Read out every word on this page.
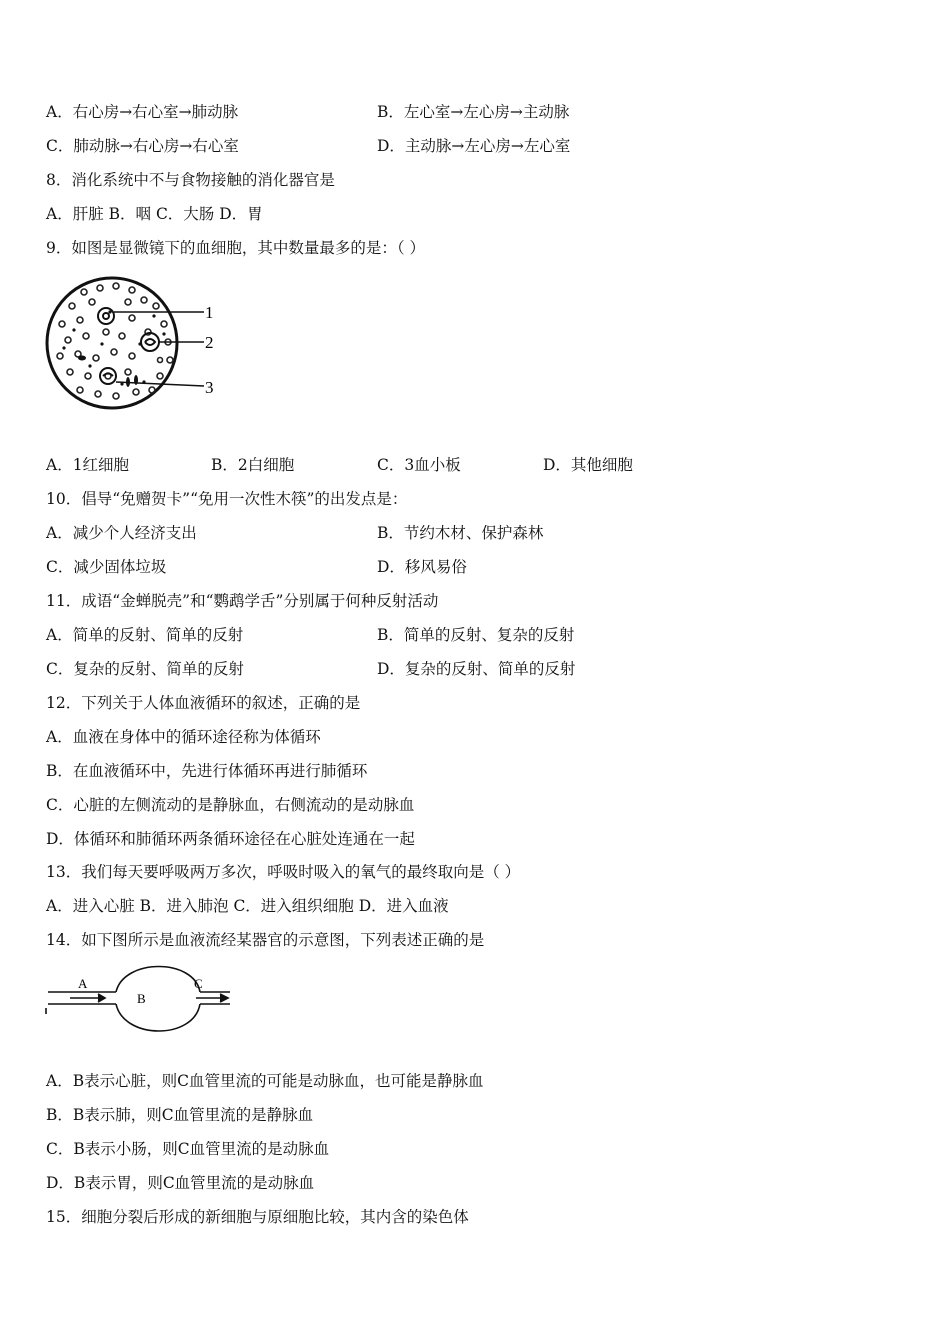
A．右心房→右心室→肺动脉	B．左心室→左心房→主动脉
C．肺动脉→右心房→右心室	D．主动脉→左心房→左心室
8．消化系统中不与食物接触的消化器官是
A．肝脏 B．咽 C．大肠 D．胃
9．如图是显微镜下的血细胞，其中数量最多的是：（ ）
1
2
3
A．1红细胞	B．2白细胞	C．3血小板	D．其他细胞
10．倡导“免赠贺卡”“免用一次性木筷”的出发点是：
A．减少个人经济支出	B．节约木材、保护森林
C．减少固体垃圾	D．移风易俗
11．成语“金蝉脱壳”和“鹦鹉学舌”分别属于何种反射活动
A．简单的反射、简单的反射	B．简单的反射、复杂的反射
C．复杂的反射、简单的反射	D．复杂的反射、简单的反射
12．下列关于人体血液循环的叙述，正确的是
A．血液在身体中的循环途径称为体循环
B．在血液循环中，先进行体循环再进行肺循环
C．心脏的左侧流动的是静脉血，右侧流动的是动脉血
D．体循环和肺循环两条循环途径在心脏处连通在一起
13．我们每天要呼吸两万多次，呼吸时吸入的氧气的最终取向是（ ）
A．进入心脏 B．进入肺泡 C．进入组织细胞 D．进入血液
14．如下图所示是血液流经某器官的示意图，下列表述正确的是
A
B
C
A．B表示心脏，则C血管里流的可能是动脉血，也可能是静脉血
B．B表示肺，则C血管里流的是静脉血
C．B表示小肠，则C血管里流的是动脉血
D．B表示胃，则C血管里流的是动脉血
15．细胞分裂后形成的新细胞与原细胞比较，其内含的染色体
